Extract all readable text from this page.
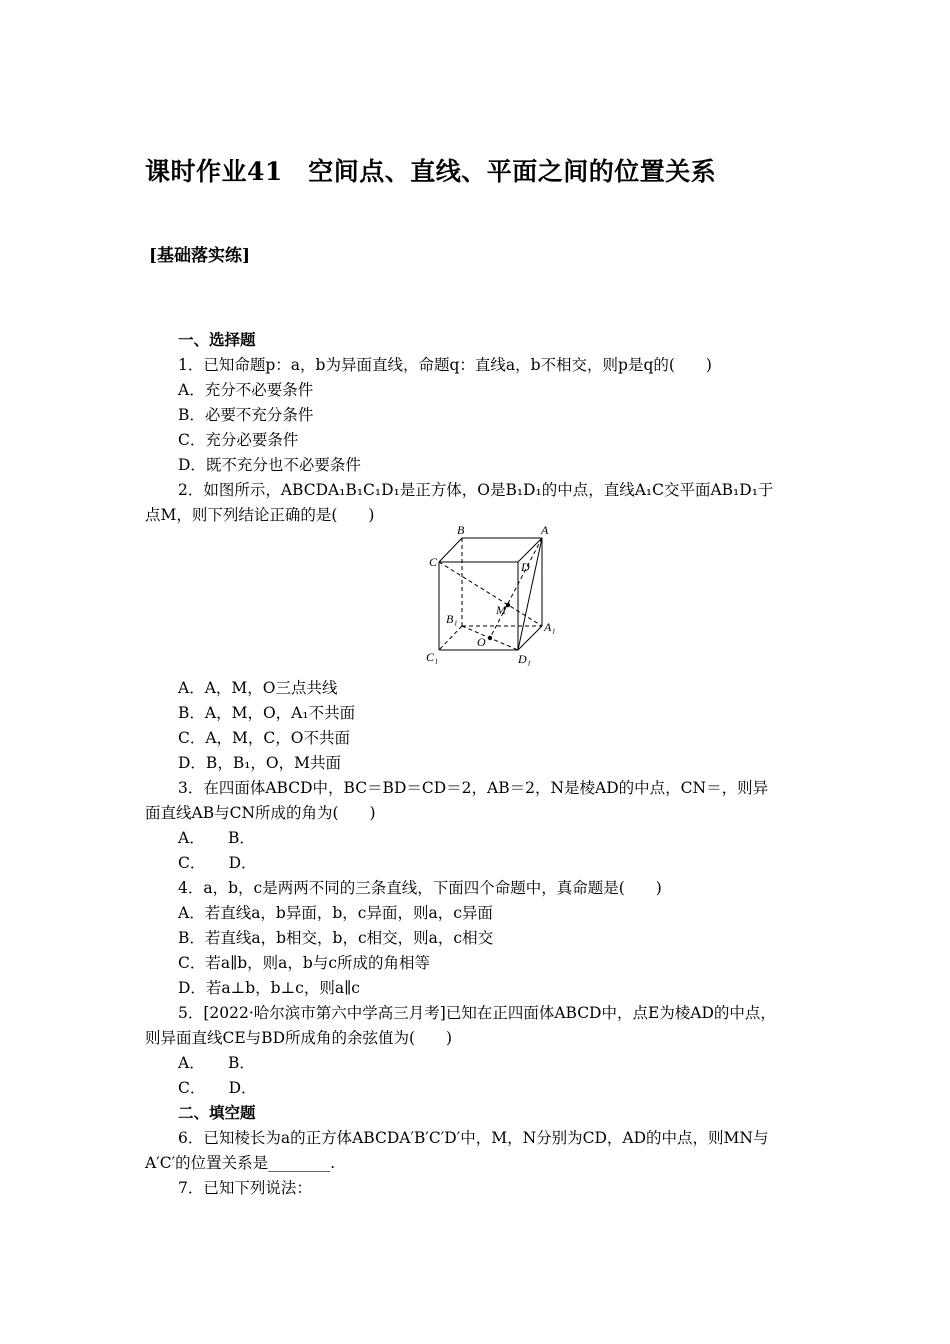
课时作业41　空间点、直线、平面之间的位置关系
[基础落实练]
一、选择题
1．已知命题p：a，b为异面直线，命题q：直线a，b不相交，则p是q的(　　)
A．充分不必要条件
B．必要不充分条件
C．充分必要条件
D．既不充分也不必要条件
2．如图所示，ABCDA₁B₁C₁D₁是正方体，O是B₁D₁的中点，直线A₁C交平面AB₁D₁于
点M，则下列结论正确的是(　　)
B	A
C	D
M
B₁
A₁
O
C₁	D₁
A．A，M，O三点共线
B．A，M，O，A₁不共面
C．A，M，C，O不共面
D．B，B₁，O，M共面
3．在四面体ABCD中，BC＝BD＝CD＝2，AB＝2，N是棱AD的中点，CN＝，则异
面直线AB与CN所成的角为(　　)
A．　　B．
C．　　D．
4．a，b，c是两两不同的三条直线，下面四个命题中，真命题是(　　)
A．若直线a，b异面，b，c异面，则a，c异面
B．若直线a，b相交，b，c相交，则a，c相交
C．若a∥b，则a，b与c所成的角相等
D．若a⊥b，b⊥c，则a∥c
5．[2022·哈尔滨市第六中学高三月考]已知在正四面体ABCD中，点E为棱AD的中点，
则异面直线CE与BD所成角的余弦值为(　　)
A．　　B．
C．　　D．
二、填空题
6．已知棱长为a的正方体ABCDA′B′C′D′中，M，N分别为CD，AD的中点，则MN与
A′C′的位置关系是________.
7．已知下列说法：
